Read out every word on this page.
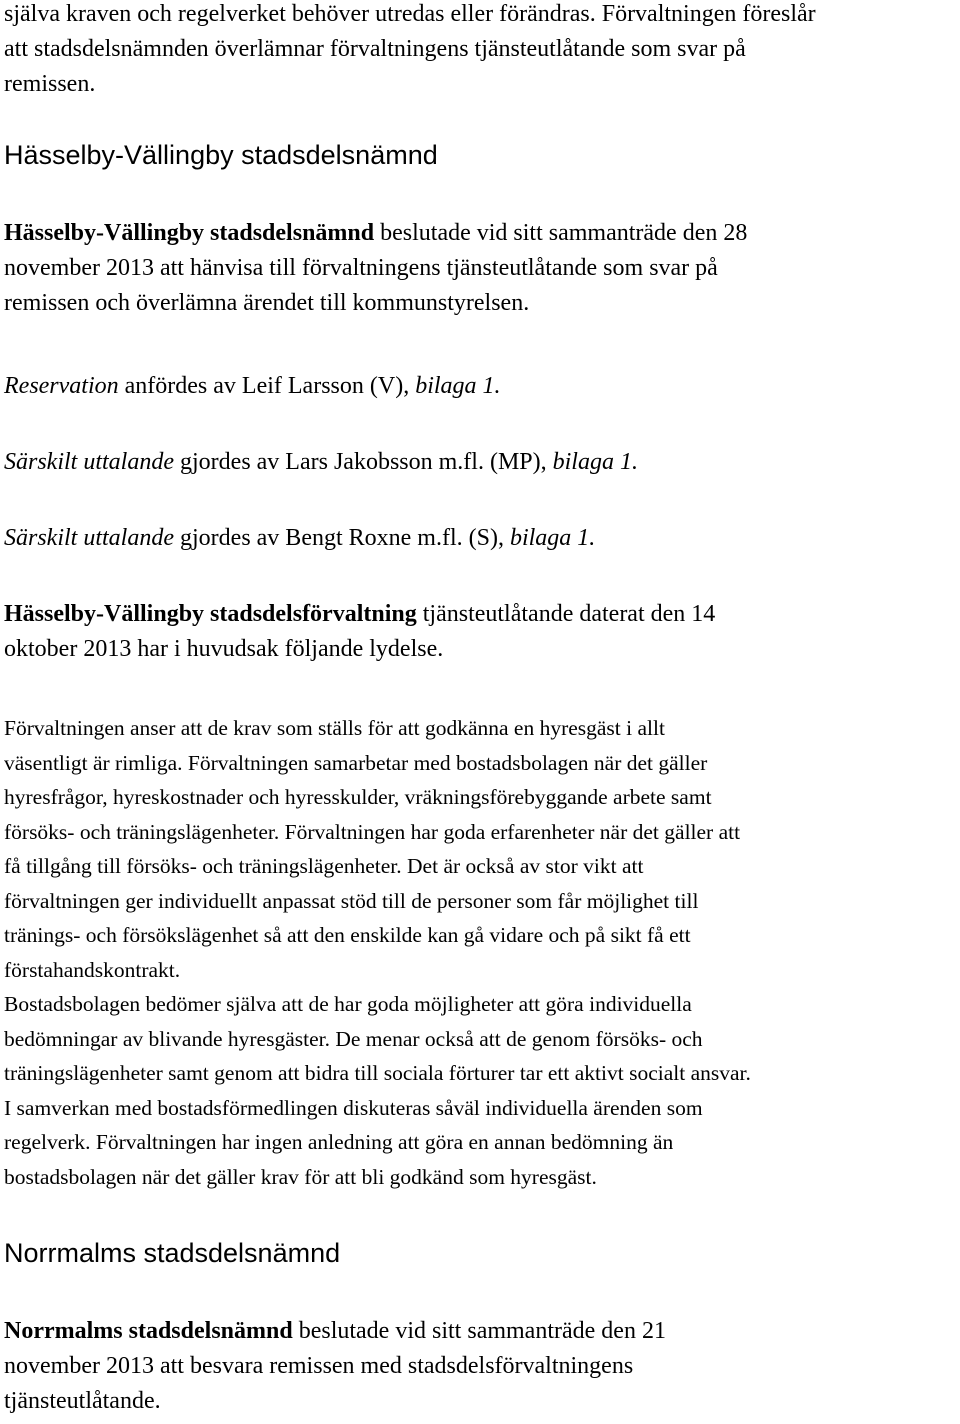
själva kraven och regelverket behöver utredas eller förändras. Förvaltningen föreslår

att stadsdelsnämnden överlämnar förvaltningens tjänsteutlåtande som svar på

remissen.

Hässelby-Vällingby stadsdelsnämnd

Hässelby-Vällingby stadsdelsnämnd beslutade vid sitt sammanträde den 28

november 2013 att hänvisa till förvaltningens tjänsteutlåtande som svar på

remissen och överlämna ärendet till kommunstyrelsen.

Reservation anfördes av Leif Larsson (V), bilaga 1.

Särskilt uttalande gjordes av Lars Jakobsson m.fl. (MP), bilaga 1.

Särskilt uttalande gjordes av Bengt Roxne m.fl. (S), bilaga 1.

Hässelby-Vällingby stadsdelsförvaltning tjänsteutlåtande daterat den 14

oktober 2013 har i huvudsak följande lydelse.

Förvaltningen anser att de krav som ställs för att godkänna en hyresgäst i allt

väsentligt är rimliga. Förvaltningen samarbetar med bostadsbolagen när det gäller

hyresfrågor, hyreskostnader och hyresskulder, vräkningsförebyggande arbete samt

försöks- och träningslägenheter. Förvaltningen har goda erfarenheter när det gäller att

få tillgång till försöks- och träningslägenheter. Det är också av stor vikt att

förvaltningen ger individuellt anpassat stöd till de personer som får möjlighet till

tränings- och försökslägenhet så att den enskilde kan gå vidare och på sikt få ett

förstahandskontrakt.

Bostadsbolagen bedömer själva att de har goda möjligheter att göra individuella

bedömningar av blivande hyresgäster. De menar också att de genom försöks- och

träningslägenheter samt genom att bidra till sociala förturer tar ett aktivt socialt ansvar.

I samverkan med bostadsförmedlingen diskuteras såväl individuella ärenden som

regelverk. Förvaltningen har ingen anledning att göra en annan bedömning än

bostadsbolagen när det gäller krav för att bli godkänd som hyresgäst.

Norrmalms stadsdelsnämnd

Norrmalms stadsdelsnämnd beslutade vid sitt sammanträde den 21

november 2013 att besvara remissen med stadsdelsförvaltningens

tjänsteutlåtande.
